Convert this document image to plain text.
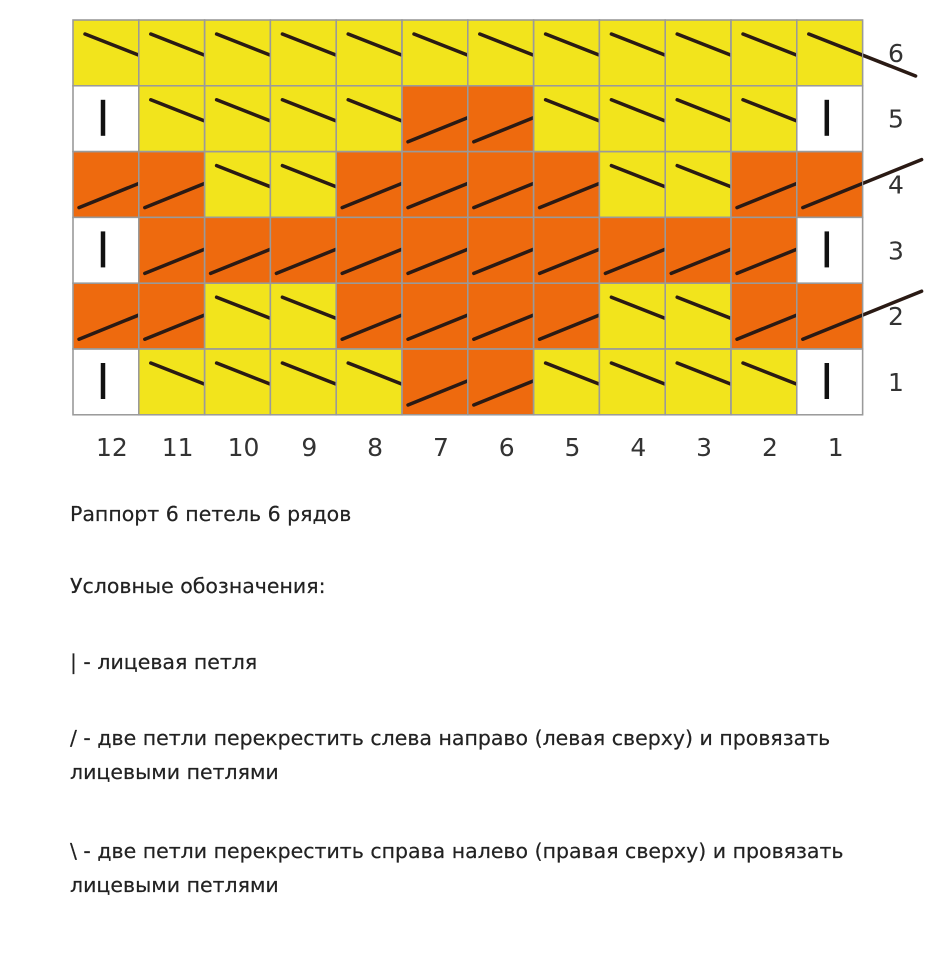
6
5
4
3
2
1
12 11 10 9 8 7 6 5 4 3 2 1
Раппорт 6 петель 6 рядов
Условные обозначения:
| - лицевая петля
/ - две петли перекрестить слева направо (левая сверху) и провязать лицевыми петлями
\ - две петли перекрестить справа налево (правая сверху) и провязать лицевыми петлями
